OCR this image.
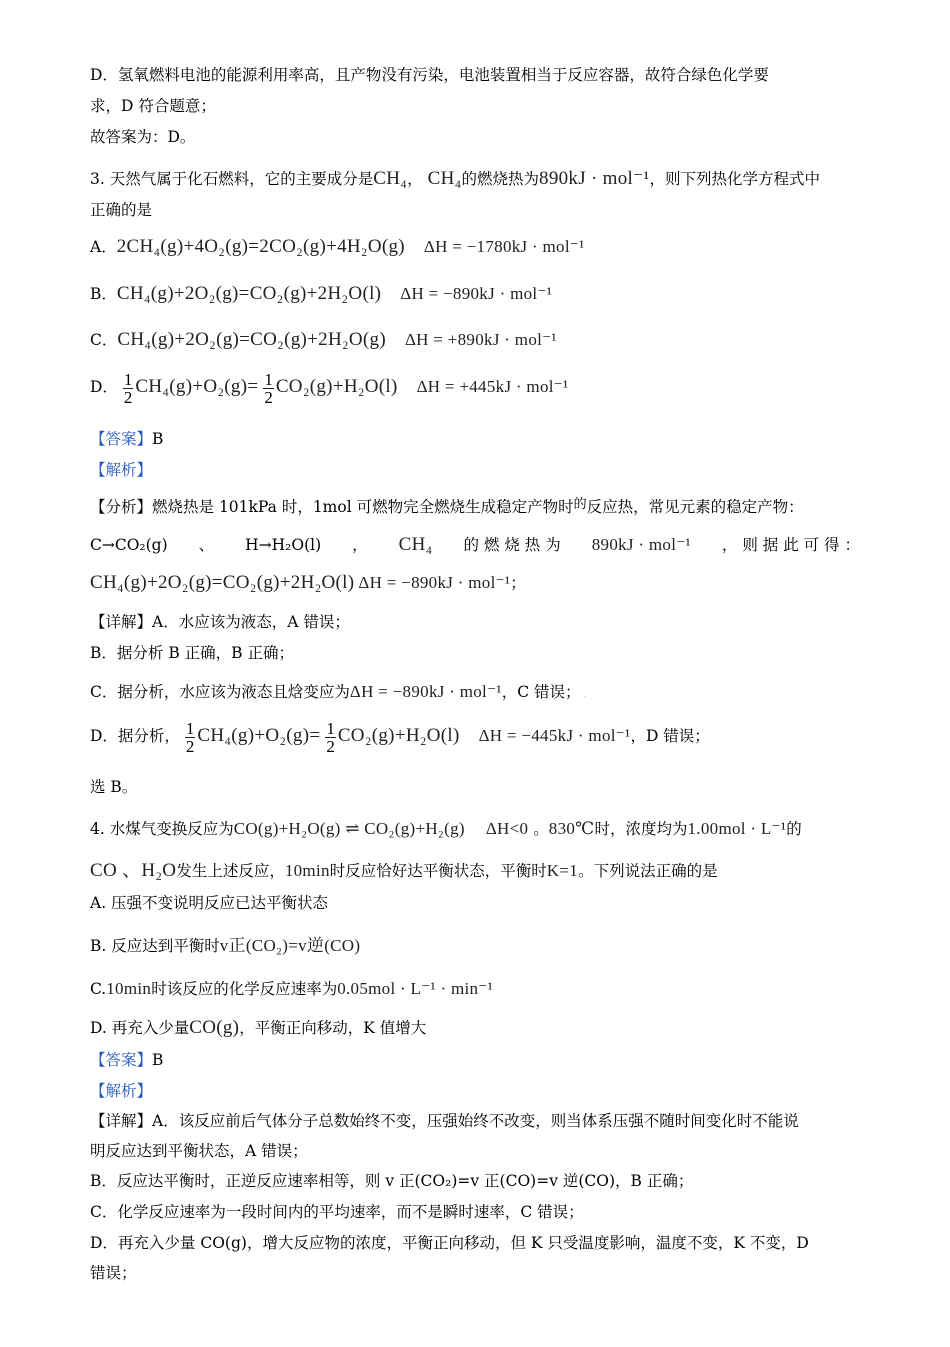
D．氢氧燃料电池的能源利用率高，且产物没有污染，电池装置相当于反应容器，故符合绿色化学要
求，D 符合题意；
故答案为：D。
3. 天然气属于化石燃料，它的主要成分是CH₄， CH₄的燃烧热为890kJ · mol⁻¹，则下列热化学方程式中
正确的是
A．2CH₄(g)+4O₂(g)=2CO₂(g)+4H₂O(g) ΔH = −1780kJ · mol⁻¹
B．CH₄(g)+2O₂(g)=CO₂(g)+2H₂O(l) ΔH = −890kJ · mol⁻¹
C．CH₄(g)+2O₂(g)=CO₂(g)+2H₂O(g) ΔH = +890kJ · mol⁻¹
D． $\frac{1}{2} CH_4(g)+O_2(g)= \frac{1}{2} CO_2(g)+H_2O(l) \Delta H = +445kJ \cdot mol^{-1}$
【答案】B
【解析】
【分析】燃烧热是 101kPa 时，1mol 可燃物完全燃烧生成稳定产物时$^的$反应热，常见元素的稳定产物：
C→CO₂(g) 、 H→H₂O(l) ， CH₄ 的 燃 烧 热 为 890kJ · mol⁻¹ ， 则 据 此 可 得 ：
CH₄(g)+2O₂(g)=CO₂(g)+2H₂O(l) ΔH = −890kJ · mol⁻¹；
【详解】A．水应该为液态，A 错误；
B．据分析 B 正确，B 正确；
C．据分析，水应该为液态且焓变应为ΔH = −890kJ · mol⁻¹，C 错误； .
D．据分析， $\frac{1}{2} CH_4(g)+O_2(g)= \frac{1}{2} CO_2(g)+H_2O(l) \Delta H = -445kJ \cdot mol^{-1}$，D 错误；
选 B。
4. 水煤气变换反应为CO(g)+H₂O(g) ⇌ CO₂(g)+H₂(g) ΔH<0 。830℃时，浓度均为1.00mol · L⁻¹的
CO 、H₂O发生上述反应，10min时反应恰好达平衡状态，平衡时K=1。下列说法正确的是
A. 压强不变说明反应已达平衡状态
B. 反应达到平衡时v正(CO₂)=v逆(CO)
C.10min时该反应的化学反应速率为0.05mol · L⁻¹ · min⁻¹
D. 再充入少量CO(g)，平衡正向移动，K 值增大
【答案】B
【解析】
【详解】A．该反应前后气体分子总数始终不变，压强始终不改变，则当体系压强不随时间变化时不能说
明反应达到平衡状态，A 错误；
B．反应达平衡时，正逆反应速率相等，则 v 正(CO₂)=v 正(CO)=v 逆(CO)，B 正确；
C．化学反应速率为一段时间内的平均速率，而不是瞬时速率，C 错误；
D．再充入少量 CO(g)，增大反应物的浓度，平衡正向移动，但 K 只受温度影响，温度不变，K 不变，D
错误；
